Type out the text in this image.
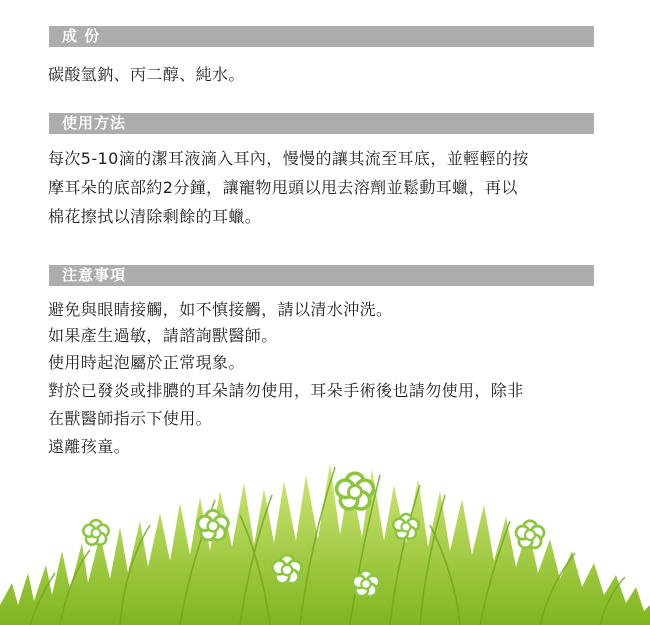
成 份
碳酸氫鈉、丙二醇、純水。
使用方法
每次5-10滴的潔耳液滴入耳內，慢慢的讓其流至耳底，並輕輕的按
摩耳朵的底部約2分鐘，讓寵物甩頭以甩去溶劑並鬆動耳蠟，再以
棉花擦拭以清除剩餘的耳蠟。
注意事項
避免與眼睛接觸，如不慎接觸，請以清水沖洗。
如果產生過敏，請諮詢獸醫師。
使用時起泡屬於正常現象。
對於已發炎或排膿的耳朵請勿使用，耳朵手術後也請勿使用，除非
在獸醫師指示下使用。
遠離孩童。
